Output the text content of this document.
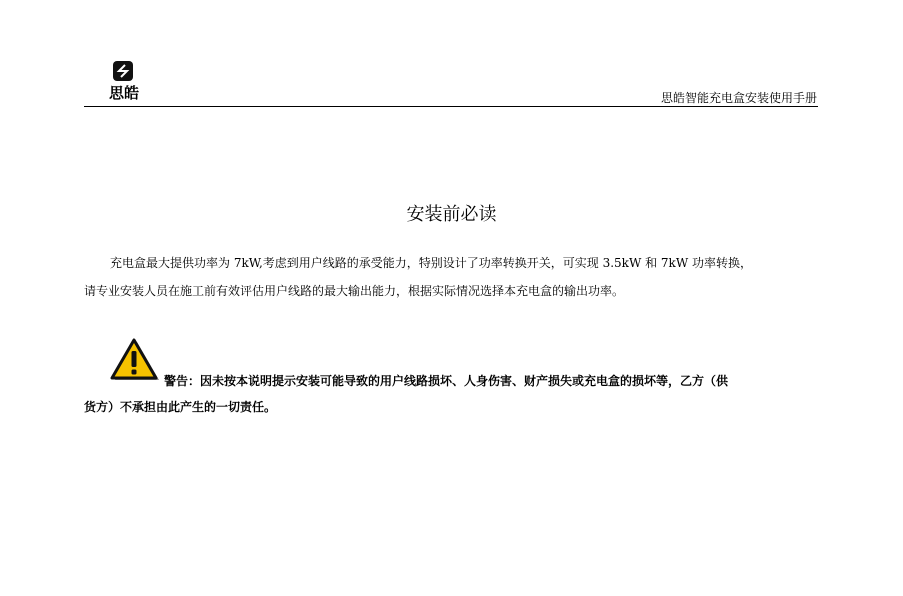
思皓	思皓智能充电盒安装使用手册
安装前必读

充电盒最大提供功率为 7kW,考虑到用户线路的承受能力，特别设计了功率转换开关，可实现 3.5kW 和 7kW 功率转换，

请专业安装人员在施工前有效评估用户线路的最大输出能力，根据实际情况选择本充电盒的输出功率。

警告：因未按本说明提示安装可能导致的用户线路损坏、人身伤害、财产损失或充电盒的损坏等，乙方（供

货方）不承担由此产生的一切责任。
